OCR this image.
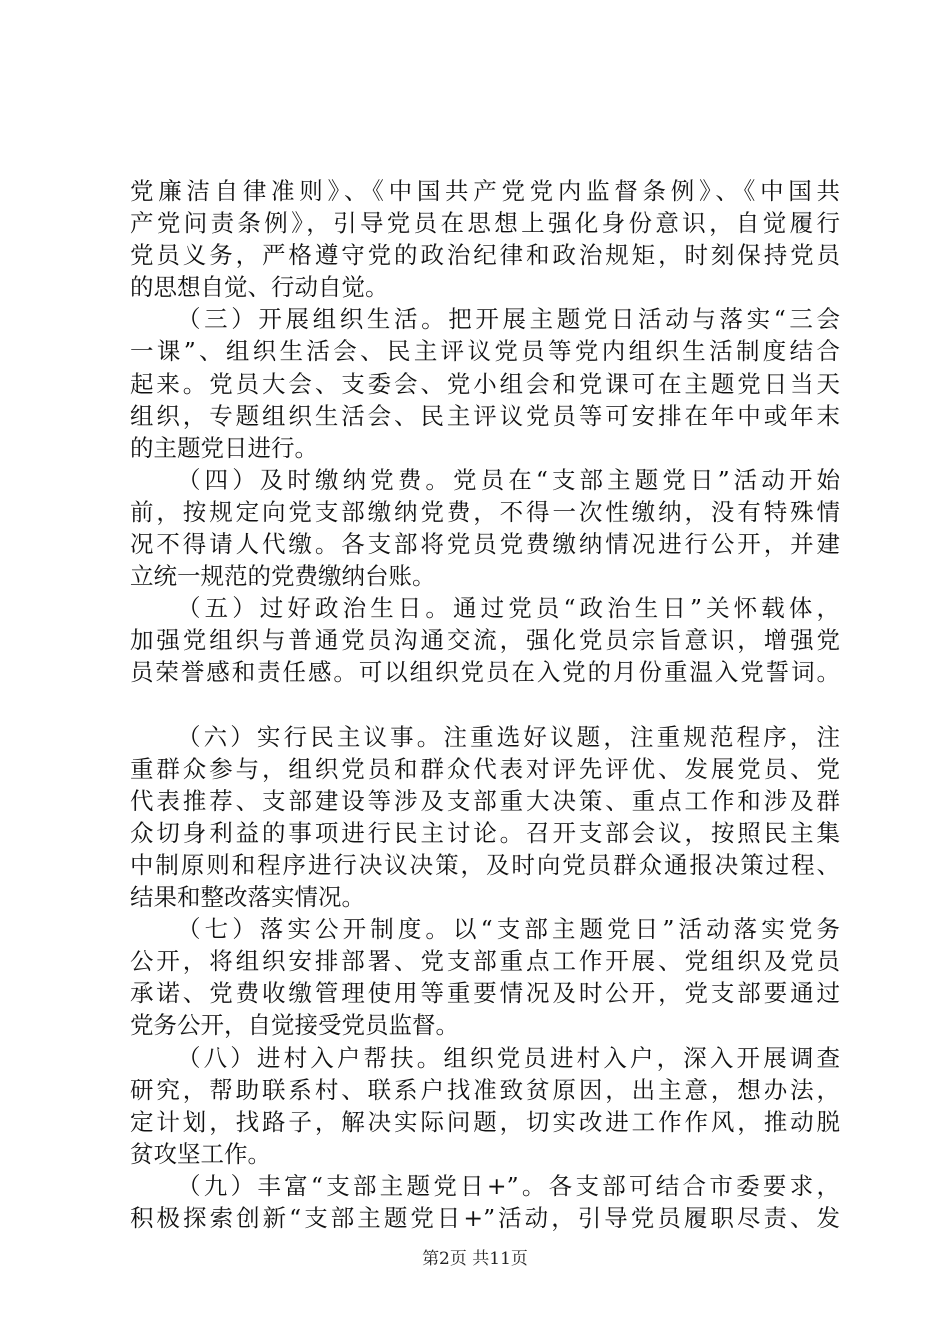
党廉洁自律准则》、《中国共产党党内监督条例》、《中国共
产党问责条例》，引导党员在思想上强化身份意识，自觉履行
党员义务，严格遵守党的政治纪律和政治规矩，时刻保持党员
的思想自觉、行动自觉。
（三）开展组织生活。把开展主题党日活动与落实“三会
一课”、组织生活会、民主评议党员等党内组织生活制度结合
起来。党员大会、支委会、党小组会和党课可在主题党日当天
组织，专题组织生活会、民主评议党员等可安排在年中或年末
的主题党日进行。
（四）及时缴纳党费。党员在“支部主题党日”活动开始
前，按规定向党支部缴纳党费，不得一次性缴纳，没有特殊情
况不得请人代缴。各支部将党员党费缴纳情况进行公开，并建
立统一规范的党费缴纳台账。
（五）过好政治生日。通过党员“政治生日”关怀载体，
加强党组织与普通党员沟通交流，强化党员宗旨意识，增强党
员荣誉感和责任感。可以组织党员在入党的月份重温入党誓词。
（六）实行民主议事。注重选好议题，注重规范程序，注
重群众参与，组织党员和群众代表对评先评优、发展党员、党
代表推荐、支部建设等涉及支部重大决策、重点工作和涉及群
众切身利益的事项进行民主讨论。召开支部会议，按照民主集
中制原则和程序进行决议决策，及时向党员群众通报决策过程、
结果和整改落实情况。
（七）落实公开制度。以“支部主题党日”活动落实党务
公开，将组织安排部署、党支部重点工作开展、党组织及党员
承诺、党费收缴管理使用等重要情况及时公开，党支部要通过
党务公开，自觉接受党员监督。
（八）进村入户帮扶。组织党员进村入户，深入开展调查
研究，帮助联系村、联系户找准致贫原因，出主意，想办法，
定计划，找路子，解决实际问题，切实改进工作作风，推动脱
贫攻坚工作。
（九）丰富“支部主题党日+”。各支部可结合市委要求，
积极探索创新“支部主题党日+”活动，引导党员履职尽责、发
第2页 共11页
